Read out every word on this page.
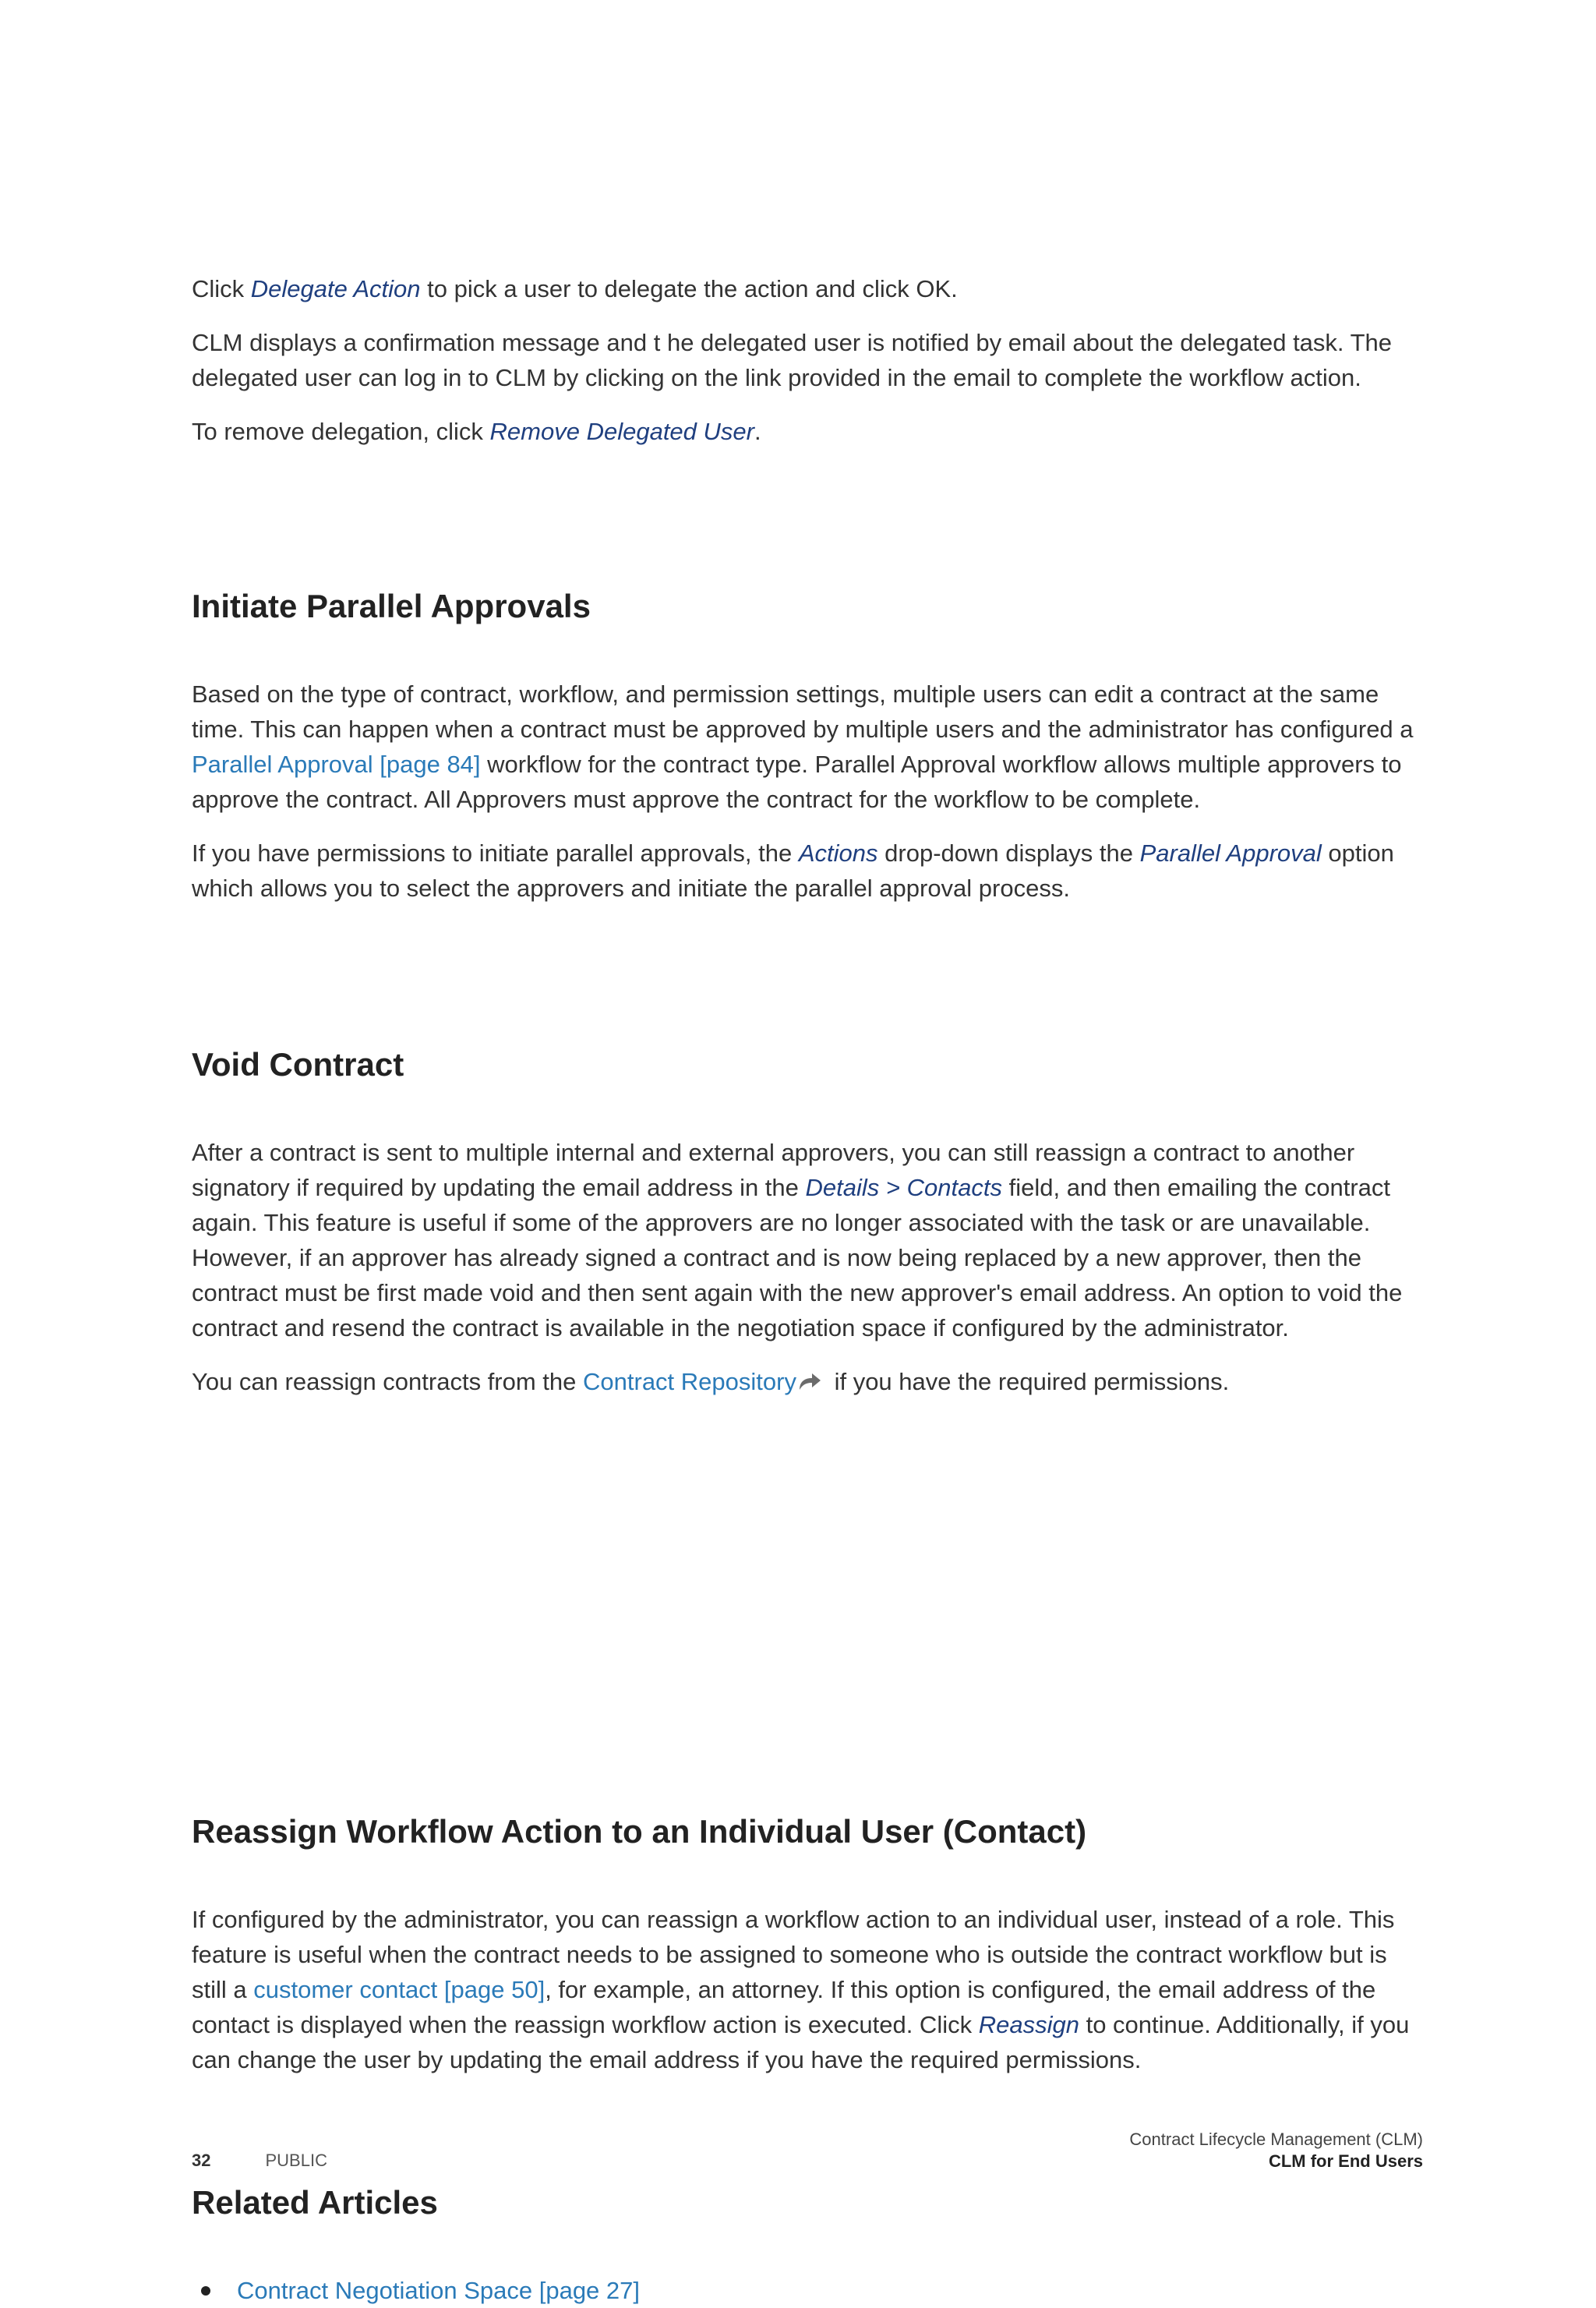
Click Delegate Action to pick a user to delegate the action and click OK.

CLM displays a confirmation message and t he delegated user is notified by email about the delegated task. The delegated user can log in to CLM by clicking on the link provided in the email to complete the workflow action.

To remove delegation, click Remove Delegated User.

Initiate Parallel Approvals

Based on the type of contract, workflow, and permission settings, multiple users can edit a contract at the same time. This can happen when a contract must be approved by multiple users and the administrator has configured a Parallel Approval [page 84] workflow for the contract type. Parallel Approval workflow allows multiple approvers to approve the contract. All Approvers must approve the contract for the workflow to be complete.

If you have permissions to initiate parallel approvals, the Actions drop-down displays the Parallel Approval option which allows you to select the approvers and initiate the parallel approval process.

Void Contract

After a contract is sent to multiple internal and external approvers, you can still reassign a contract to another signatory if required by updating the email address in the Details > Contacts field, and then emailing the contract again. This feature is useful if some of the approvers are no longer associated with the task or are unavailable. However, if an approver has already signed a contract and is now being replaced by a new approver, then the contract must be first made void and then sent again with the new approver's email address. An option to void the contract and resend the contract is available in the negotiation space if configured by the administrator.

You can reassign contracts from the Contract Repository if you have the required permissions.

Reassign Workflow Action to an Individual User (Contact)

If configured by the administrator, you can reassign a workflow action to an individual user, instead of a role. This feature is useful when the contract needs to be assigned to someone who is outside the contract workflow but is still a customer contact [page 50], for example, an attorney. If this option is configured, the email address of the contact is displayed when the reassign workflow action is executed. Click Reassign to continue. Additionally, if you can change the user by updating the email address if you have the required permissions.

Related Articles
Contract Negotiation Space [page 27]
32	PUBLIC
Contract Lifecycle Management (CLM)
CLM for End Users
